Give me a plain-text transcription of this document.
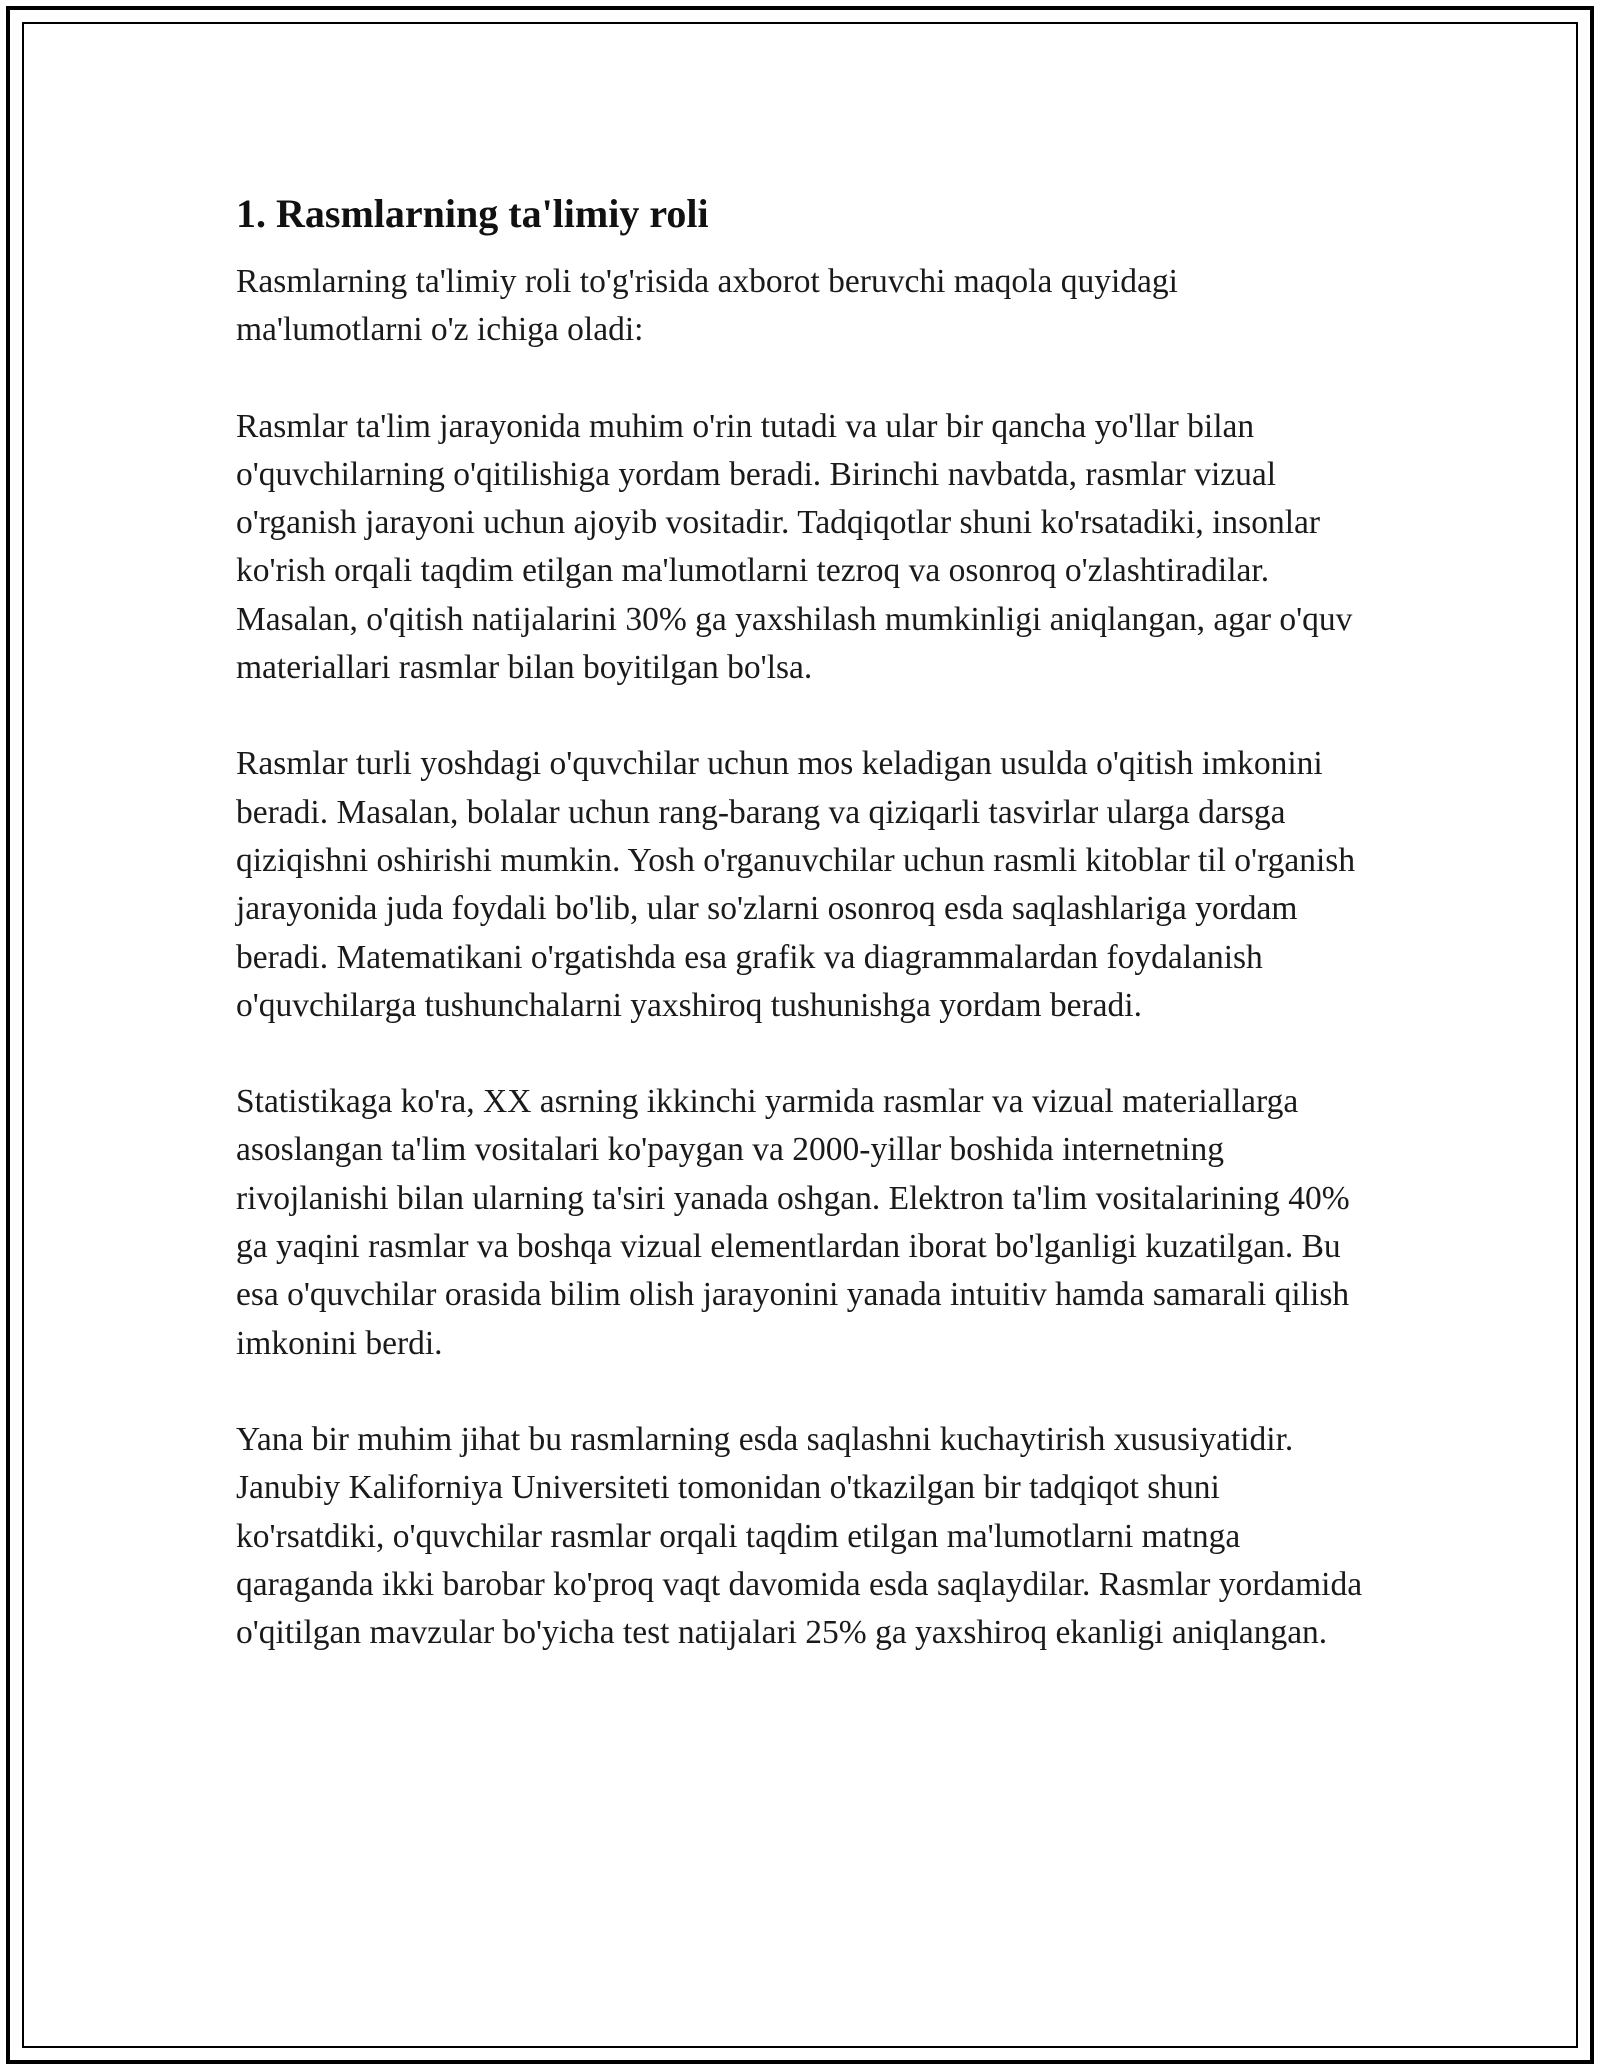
1. Rasmlarning ta'limiy roli

Rasmlarning ta'limiy roli to'g'risida axborot beruvchi maqola quyidagi ma'lumotlarni o'z ichiga oladi:

Rasmlar ta'lim jarayonida muhim o'rin tutadi va ular bir qancha yo'llar bilan o'quvchilarning o'qitilishiga yordam beradi. Birinchi navbatda, rasmlar vizual o'rganish jarayoni uchun ajoyib vositadir. Tadqiqotlar shuni ko'rsatadiki, insonlar ko'rish orqali taqdim etilgan ma'lumotlarni tezroq va osonroq o'zlashtiradilar. Masalan, o'qitish natijalarini 30% ga yaxshilash mumkinligi aniqlangan, agar o'quv materiallari rasmlar bilan boyitilgan bo'lsa.

Rasmlar turli yoshdagi o'quvchilar uchun mos keladigan usulda o'qitish imkonini beradi. Masalan, bolalar uchun rang-barang va qiziqarli tasvirlar ularga darsga qiziqishni oshirishi mumkin. Yosh o'rganuvchilar uchun rasmli kitoblar til o'rganish jarayonida juda foydali bo'lib, ular so'zlarni osonroq esda saqlashlariga yordam beradi. Matematikani o'rgatishda esa grafik va diagrammalardan foydalanish o'quvchilarga tushunchalarni yaxshiroq tushunishga yordam beradi.

Statistikaga ko'ra, XX asrning ikkinchi yarmida rasmlar va vizual materiallarga asoslangan ta'lim vositalari ko'paygan va 2000-yillar boshida internetning rivojlanishi bilan ularning ta'siri yanada oshgan. Elektron ta'lim vositalarining 40% ga yaqini rasmlar va boshqa vizual elementlardan iborat bo'lganligi kuzatilgan. Bu esa o'quvchilar orasida bilim olish jarayonini yanada intuitiv hamda samarali qilish imkonini berdi.

Yana bir muhim jihat bu rasmlarning esda saqlashni kuchaytirish xususiyatidir. Janubiy Kaliforniya Universiteti tomonidan o'tkazilgan bir tadqiqot shuni ko'rsatdiki, o'quvchilar rasmlar orqali taqdim etilgan ma'lumotlarni matnga qaraganda ikki barobar ko'proq vaqt davomida esda saqlaydilar. Rasmlar yordamida o'qitilgan mavzular bo'yicha test natijalari 25% ga yaxshiroq ekanligi aniqlangan.
